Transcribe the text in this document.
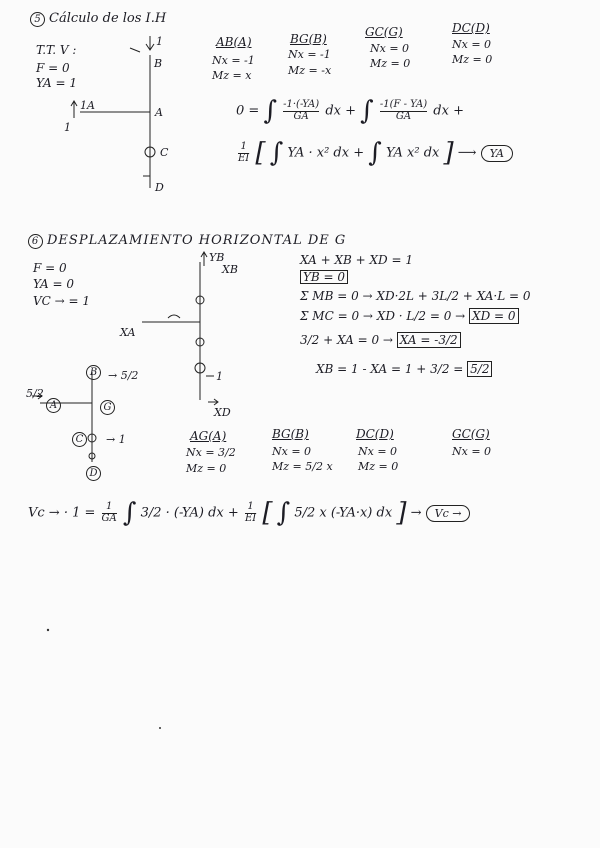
5 Cálculo de los I.H
T.T. V :
F = 0
YA = 1
1
B
1A
A
1
C
D
AB(A)
Nx = -1
Mz = x
BG(B)
Nx = -1
Mz = -x
GC(G)
Nx = 0
Mz = 0
DC(D)
Nx = 0
Mz = 0
0 = ∫ $\frac{-1\cdot(-YA)}{GA}$ dx + ∫ $\frac{-1(F - YA)}{GA}$ dx +
$\frac{1}{EI}$ [ ∫ YA · x² dx + ∫ YA x² dx ] ⟶ YA
6 DESPLAZAMIENTO HORIZONTAL DE G
F = 0
YA = 0
VC → = 1
YB
XB
XA
1
XD
B → 5/2
5/2
A	G
C	→ 1
D
XA + XB + XD = 1
YB = 0
Σ MB = 0 → XD·2L + 3L/2 + XA·L = 0
Σ MC = 0 → XD · L/2 = 0 → XD = 0
3/2 + XA = 0 → XA = -3/2
XB = 1 - XA = 1 + 3/2 = 5/2
AG(A)
Nx = 3/2
Mz = 0
BG(B)
Nx = 0
Mz = 5/2 x
DC(D)
Nx = 0
Mz = 0
GC(G)
Nx = 0
Vc → · $1 = \frac{1}{GA}$ ∫ 3/2 · (-YA) dx + $\frac{1}{EI}$ [ ∫ 5/2 x (-YA·x) dx ] → Vc →
